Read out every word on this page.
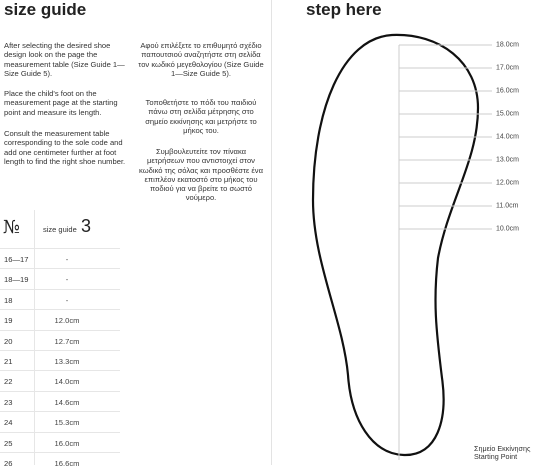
size guide
After selecting the desired shoe design look on the page the measurement table (Size Guide 1—Size Guide 5).
Place the child's foot on the measurement page at the starting point and measure its length.
Consult the measurement table corresponding to the sole code and add one centimeter further at foot length to find the right shoe number.
Αφού επιλέξετε το επιθυμητό σχέδιο παπουτσιού αναζητήστε στη σελίδα τον κωδικό μεγεθολογίου (Size Guide 1—Size Guide 5).
Τοποθετήστε το πόδι του παιδιού πάνω στη σελίδα μέτρησης στο σημείο εκκίνησης και μετρήστε το μήκος του.
Συμβουλευτείτε τον πίνακα μετρήσεων που αντιστοιχεί στον κωδικό της σόλας και προσθέστε ένα επιπλέον εκατοστό στο μήκος του ποδιού για να βρείτε το σωστό νούμερο.
№	size guide 3
16—17	-
18—19	-
18	-
19	12.0cm
20	12.7cm
21	13.3cm
22	14.0cm
23	14.6cm
24	15.3cm
25	16.0cm
26	16.6cm
step here
18.0cm
17.0cm
16.0cm
15.0cm
14.0cm
13.0cm
12.0cm
11.0cm
10.0cm
Σημείο Εκκίνησης
Starting Point
